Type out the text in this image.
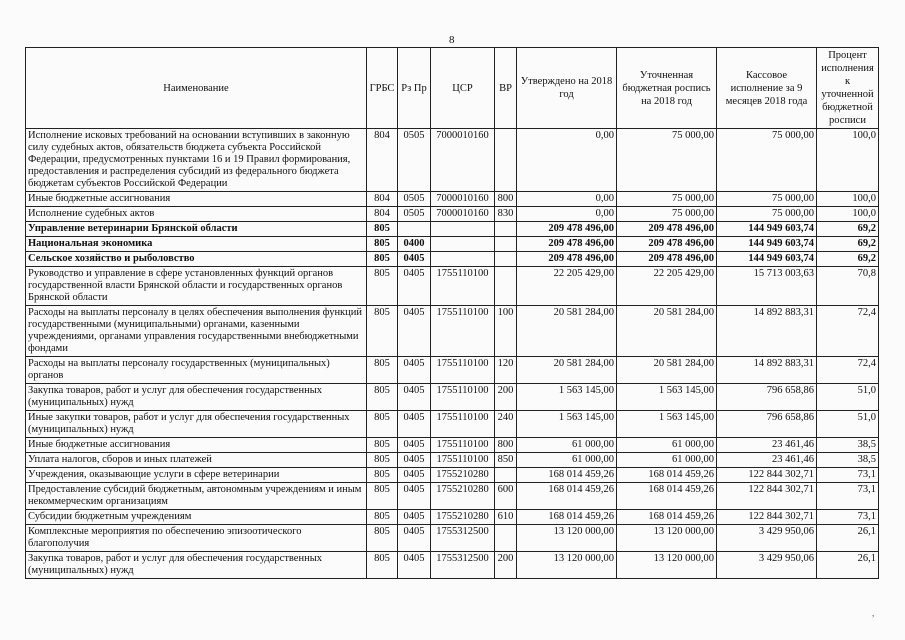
8
Наименование	ГРБС	Рз Пр	ЦСР	ВР	Утверждено на 2018 год	Уточненная бюджетная роспись на 2018 год	Кассовое исполнение за 9 месяцев 2018 года	Процент исполнения к уточненной бюджетной росписи
Исполнение исковых требований на основании вступивших в законную силу судебных актов, обязательств бюджета субъекта Российской Федерации, предусмотренных пунктами 16 и 19 Правил формирования, предоставления и распределения субсидий из федерального бюджета бюджетам субъектов Российской Федерации	804	0505	7000010160		0,00	75 000,00	75 000,00	100,0
Иные бюджетные ассигнования	804	0505	7000010160	800	0,00	75 000,00	75 000,00	100,0
Исполнение судебных актов	804	0505	7000010160	830	0,00	75 000,00	75 000,00	100,0
Управление ветеринарии Брянской области	805				209 478 496,00	209 478 496,00	144 949 603,74	69,2
Национальная экономика	805	0400			209 478 496,00	209 478 496,00	144 949 603,74	69,2
Сельское хозяйство и рыболовство	805	0405			209 478 496,00	209 478 496,00	144 949 603,74	69,2
Руководство и управление в сфере установленных функций органов государственной власти Брянской области и государственных органов Брянской области	805	0405	1755110100		22 205 429,00	22 205 429,00	15 713 003,63	70,8
Расходы на выплаты персоналу в целях обеспечения выполнения функций государственными (муниципальными) органами, казенными учреждениями, органами управления государственными внебюджетными фондами	805	0405	1755110100	100	20 581 284,00	20 581 284,00	14 892 883,31	72,4
Расходы на выплаты персоналу государственных (муниципальных) органов	805	0405	1755110100	120	20 581 284,00	20 581 284,00	14 892 883,31	72,4
Закупка товаров, работ и услуг для обеспечения государственных (муниципальных) нужд	805	0405	1755110100	200	1 563 145,00	1 563 145,00	796 658,86	51,0
Иные закупки товаров, работ и услуг для обеспечения государственных (муниципальных) нужд	805	0405	1755110100	240	1 563 145,00	1 563 145,00	796 658,86	51,0
Иные бюджетные ассигнования	805	0405	1755110100	800	61 000,00	61 000,00	23 461,46	38,5
Уплата налогов, сборов и иных платежей	805	0405	1755110100	850	61 000,00	61 000,00	23 461,46	38,5
Учреждения, оказывающие услуги в сфере ветеринарии	805	0405	1755210280		168 014 459,26	168 014 459,26	122 844 302,71	73,1
Предоставление субсидий бюджетным, автономным учреждениям и иным некоммерческим организациям	805	0405	1755210280	600	168 014 459,26	168 014 459,26	122 844 302,71	73,1
Субсидии бюджетным учреждениям	805	0405	1755210280	610	168 014 459,26	168 014 459,26	122 844 302,71	73,1
Комплексные мероприятия по обеспечению эпизоотического благополучия	805	0405	1755312500		13 120 000,00	13 120 000,00	3 429 950,06	26,1
Закупка товаров, работ и услуг для обеспечения государственных (муниципальных) нужд	805	0405	1755312500	200	13 120 000,00	13 120 000,00	3 429 950,06	26,1
,
